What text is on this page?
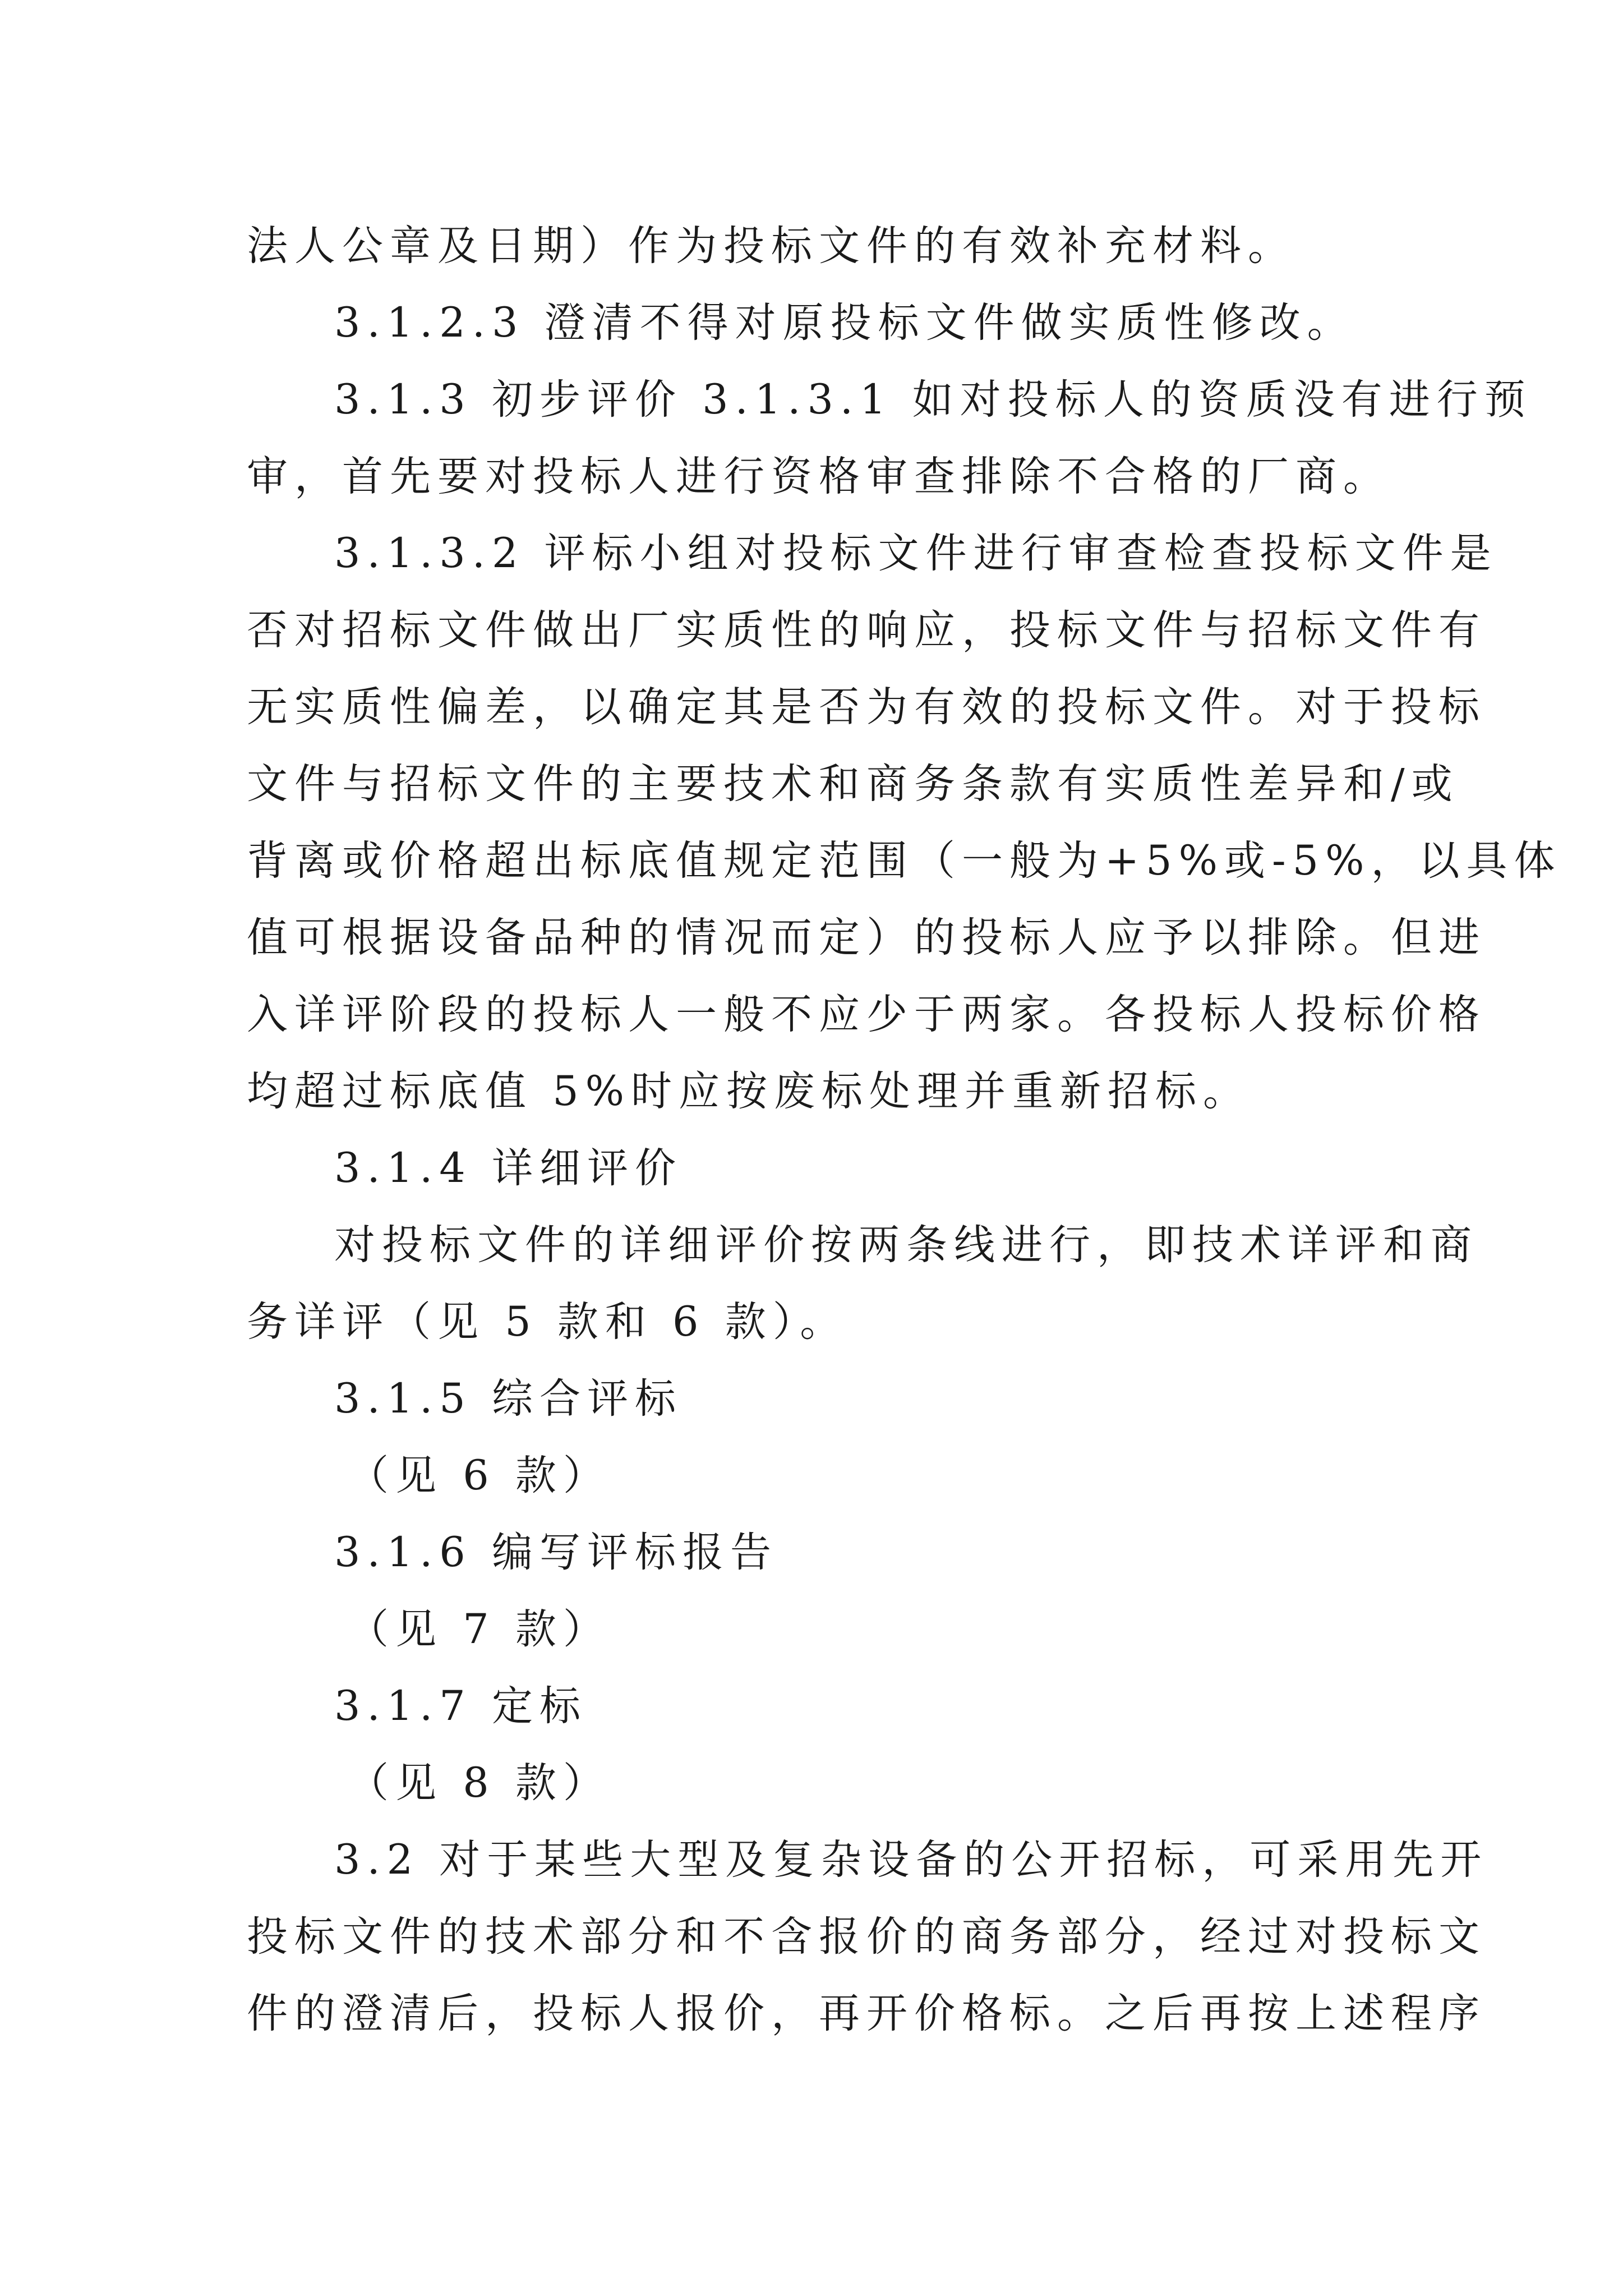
法人公章及日期）作为投标文件的有效补充材料。
3.1.2.3 澄清不得对原投标文件做实质性修改。
3.1.3 初步评价 3.1.3.1 如对投标人的资质没有进行预
审，首先要对投标人进行资格审查排除不合格的厂商。
3.1.3.2 评标小组对投标文件进行审查检查投标文件是
否对招标文件做出厂实质性的响应，投标文件与招标文件有
无实质性偏差，以确定其是否为有效的投标文件。对于投标
文件与招标文件的主要技术和商务条款有实质性差异和/或
背离或价格超出标底值规定范围（一般为+5%或-5%，以具体
值可根据设备品种的情况而定）的投标人应予以排除。但进
入详评阶段的投标人一般不应少于两家。各投标人投标价格
均超过标底值 5%时应按废标处理并重新招标。
3.1.4 详细评价
对投标文件的详细评价按两条线进行，即技术详评和商
务详评（见 5 款和 6 款）。
3.1.5 综合评标
（见 6 款）
3.1.6 编写评标报告
（见 7 款）
3.1.7 定标
（见 8 款）
3.2 对于某些大型及复杂设备的公开招标，可采用先开
投标文件的技术部分和不含报价的商务部分，经过对投标文
件的澄清后，投标人报价，再开价格标。之后再按上述程序
